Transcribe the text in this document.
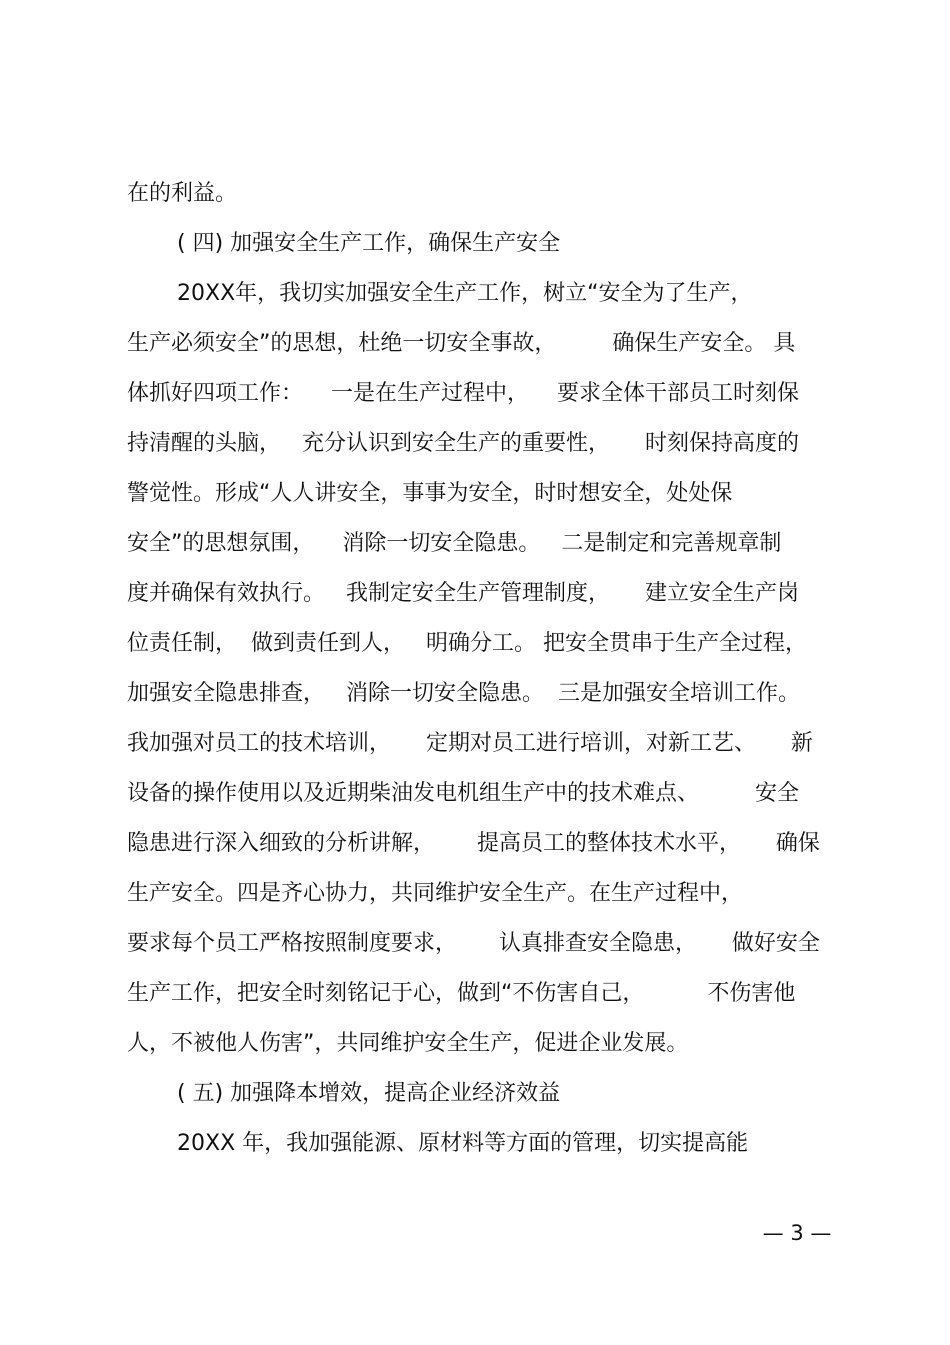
在的利益。
( 四) 加强安全生产工作，确保生产安全
20XX年，我切实加强安全生产工作，树立“安全为了生产，
生产必须安全”的思想，杜绝一切安全事故，        确保生产安全。 具
体抓好四项工作：    一是在生产过程中，    要求全体干部员工时刻保
持清醒的头脑，   充分认识到安全生产的重要性，     时刻保持高度的
警觉性。形成“人人讲安全，事事为安全，时时想安全，处处保
安全”的思想氛围，    消除一切安全隐患。   二是制定和完善规章制
度并确保有效执行。   我制定安全生产管理制度，     建立安全生产岗
位责任制，  做到责任到人，   明确分工。 把安全贯串于生产全过程，
加强安全隐患排查，   消除一切安全隐患。  三是加强安全培训工作。
我加强对员工的技术培训，     定期对员工进行培训，对新工艺、     新
设备的操作使用以及近期柴油发电机组生产中的技术难点、        安全
隐患进行深入细致的分析讲解，      提高员工的整体技术水平，     确保
生产安全。四是齐心协力，共同维护安全生产。在生产过程中，
要求每个员工严格按照制度要求，      认真排查安全隐患，     做好安全
生产工作，把安全时刻铭记于心，做到“不伤害自己，         不伤害他
人，不被他人伤害”，共同维护安全生产，促进企业发展。
( 五) 加强降本增效，提高企业经济效益
20XX 年，我加强能源、原材料等方面的管理，切实提高能
— 3 —
